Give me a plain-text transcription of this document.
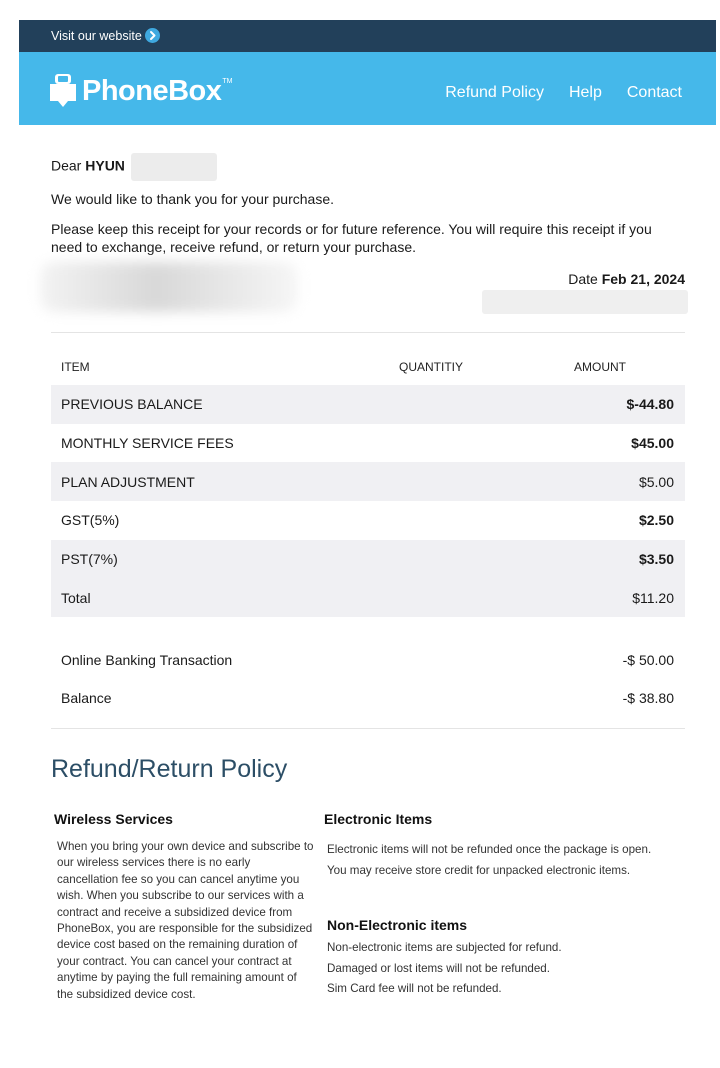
Visit our website
PhoneBox TM
Refund Policy Help Contact
Dear HYUN
We would like to thank you for your purchase.
Please keep this receipt for your records or for future reference. You will require this receipt if you need to exchange, receive refund, or return your purchase.
Date Feb 21, 2024
ITEM	QUANTITIY	AMOUNT
PREVIOUS BALANCE	$-44.80
MONTHLY SERVICE FEES	$45.00
PLAN ADJUSTMENT	$5.00
GST(5%)	$2.50
PST(7%)	$3.50
Total	$11.20
Online Banking Transaction	-$ 50.00
Balance	-$ 38.80
Refund/Return Policy
Wireless Services
When you bring your own device and subscribe to our wireless services there is no early cancellation fee so you can cancel anytime you wish. When you subscribe to our services with a contract and receive a subsidized device from PhoneBox, you are responsible for the subsidized device cost based on the remaining duration of your contract. You can cancel your contract at anytime by paying the full remaining amount of the subsidized device cost.
Electronic Items
Electronic items will not be refunded once the package is open.
You may receive store credit for unpacked electronic items.
Non-Electronic items
Non-electronic items are subjected for refund.
Damaged or lost items will not be refunded.
Sim Card fee will not be refunded.
